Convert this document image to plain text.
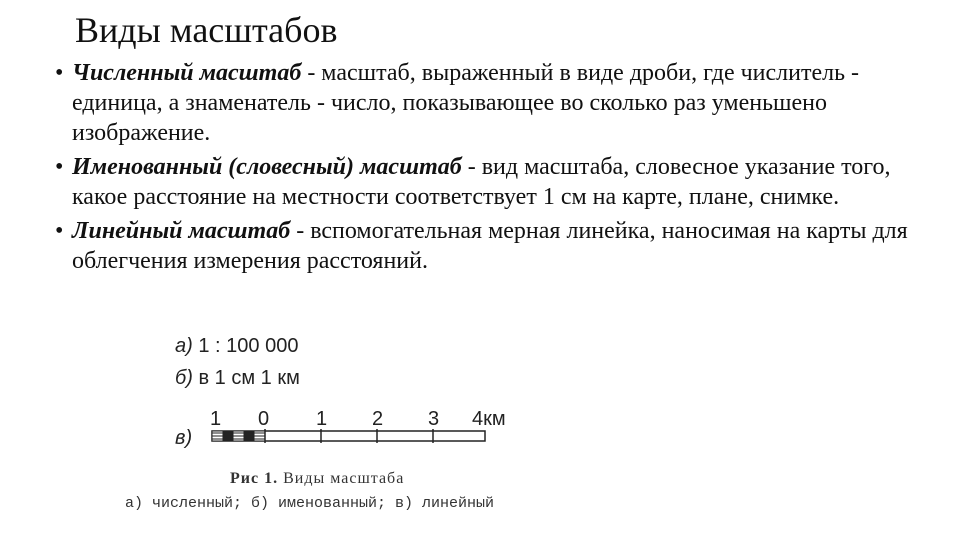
Виды масштабов
• Численный масштаб - масштаб, выраженный в виде дроби, где числитель - единица, а знаменатель - число, показывающее во сколько раз уменьшено изображение.
• Именованный (словесный) масштаб - вид масштаба, словесное указание того, какое расстояние на местности соответствует 1 см на карте, плане, снимке.
• Линейный масштаб - вспомогательная мерная линейка, наносимая на карты для облегчения измерения расстояний.
а) 1 : 100 000
б) в 1 см 1 км
в)
1 0 1 2 3 4км
Рис 1. Виды масштаба
а) численный; б) именованный; в) линейный
